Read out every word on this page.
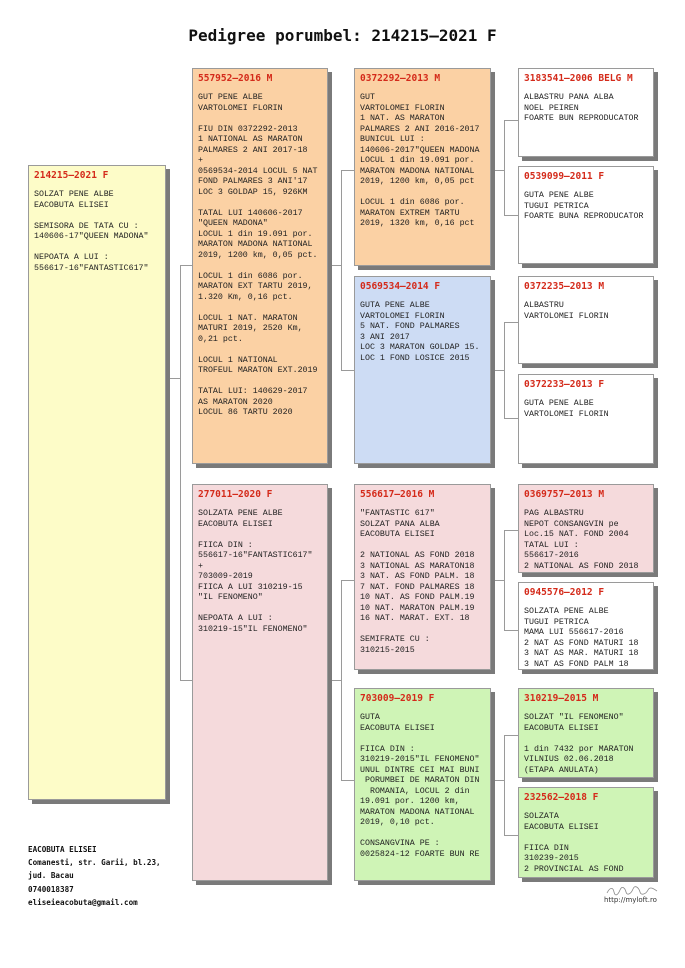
Pedigree porumbel: 214215–2021 F
214215–2021 F
SOLZAT PENE ALBE
EACOBUTA ELISEI

SEMISORA DE TATA CU :
140606-17"QUEEN MADONA"

NEPOATA A LUI :
556617-16"FANTASTIC617"
557952–2016 M
GUT PENE ALBE
VARTOLOMEI FLORIN

FIU DIN 0372292-2013
1 NATIONAL AS MARATON
PALMARES 2 ANI 2017-18
+
0569534-2014 LOCUL 5 NAT
FOND PALMARES 3 ANI'17
LOC 3 GOLDAP 15, 926KM

TATAL LUI 140606-2017
"QUEEN MADONA"
LOCUL 1 din 19.091 por.
MARATON MADONA NATIONAL
2019, 1200 km, 0,05 pct.

LOCUL 1 din 6086 por.
MARATON EXT TARTU 2019,
1.320 Km, 0,16 pct.

LOCUL 1 NAT. MARATON
MATURI 2019, 2520 Km,
0,21 pct.

LOCUL 1 NATIONAL
TROFEUL MARATON EXT.2019

TATAL LUI: 140629-2017
AS MARATON 2020
LOCUL 86 TARTU 2020
277011–2020 F
SOLZATA PENE ALBE
EACOBUTA ELISEI

FIICA DIN :
556617-16"FANTASTIC617"
+
703009-2019
FIICA A LUI 310219-15
"IL FENOMENO"

NEPOATA A LUI :
310219-15"IL FENOMENO"
0372292–2013 M
GUT
VARTOLOMEI FLORIN
1 NAT. AS MARATON
PALMARES 2 ANI 2016-2017
BUNICUL LUI :
140606-2017"QUEEN MADONA
LOCUL 1 din 19.091 por.
MARATON MADONA NATIONAL
2019, 1200 km, 0,05 pct

LOCUL 1 din 6086 por.
MARATON EXTREM TARTU
2019, 1320 km, 0,16 pct
0569534–2014 F
GUTA PENE ALBE
VARTOLOMEI FLORIN
5 NAT. FOND PALMARES
3 ANI 2017
LOC 3 MARATON GOLDAP 15.
LOC 1 FOND LOSICE 2015
556617–2016 M
"FANTASTIC 617"
SOLZAT PANA ALBA
EACOBUTA ELISEI

2 NATIONAL AS FOND 2018
3 NATIONAL AS MARATON18
3 NAT. AS FOND PALM. 18
7 NAT. FOND PALMARES 18
10 NAT. AS FOND PALM.19
10 NAT. MARATON PALM.19
16 NAT. MARAT. EXT. 18

SEMIFRATE CU :
310215-2015
703009–2019 F
GUTA
EACOBUTA ELISEI

FIICA DIN :
310219-2015"IL FENOMENO"
UNUL DINTRE CEI MAI BUNI
PORUMBEI DE MARATON DIN
ROMANIA, LOCUL 2 din
19.091 por. 1200 km,
MARATON MADONA NATIONAL
2019, 0,10 pct.

CONSANGVINA PE :
0025824-12 FOARTE BUN RE
3183541–2006 BELG M
ALBASTRU PANA ALBA
NOEL PEIREN
FOARTE BUN REPRODUCATOR
0539099–2011 F
GUTA PENE ALBE
TUGUI PETRICA
FOARTE BUNA REPRODUCATOR
0372235–2013 M
ALBASTRU
VARTOLOMEI FLORIN
0372233–2013 F
GUTA PENE ALBE
VARTOLOMEI FLORIN
0369757–2013 M
PAG ALBASTRU
NEPOT CONSANGVIN pe
Loc.15 NAT. FOND 2004
TATAL LUI :
556617-2016
2 NATIONAL AS FOND 2018
0945576–2012 F
SOLZATA PENE ALBE
TUGUI PETRICA
MAMA LUI 556617-2016
2 NAT AS FOND MATURI 18
3 NAT AS MAR. MATURI 18
3 NAT AS FOND PALM 18
310219–2015 M
SOLZAT "IL FENOMENO"
EACOBUTA ELISEI

1 din 7432 por MARATON
VILNIUS 02.06.2018
(ETAPA ANULATA)
232562–2018 F
SOLZATA
EACOBUTA ELISEI

FIICA DIN
310239-2015
2 PROVINCIAL AS FOND
EACOBUTA ELISEI
Comanesti, str. Garii, bl.23,
jud. Bacau
0740018387
eliseieacobuta@gmail.com	http://myloft.ro
